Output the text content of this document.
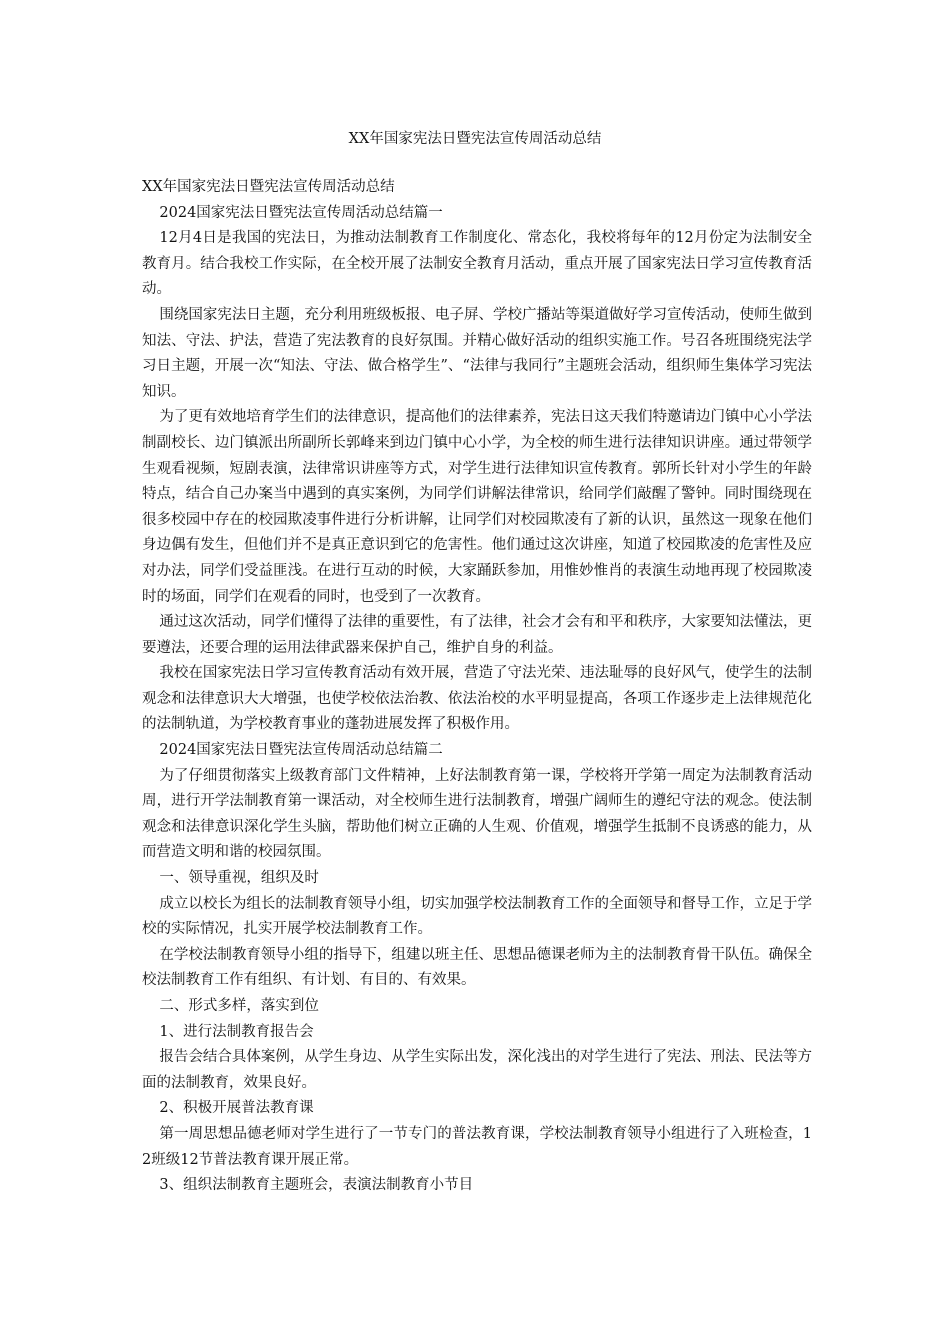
XX年国家宪法日暨宪法宣传周活动总结

XX年国家宪法日暨宪法宣传周活动总结

2024国家宪法日暨宪法宣传周活动总结篇一

12月4日是我国的宪法日，为推动法制教育工作制度化、常态化，我校将每年的12月份定为法制安全教育月。结合我校工作实际，在全校开展了法制安全教育月活动，重点开展了国家宪法日学习宣传教育活动。

围绕国家宪法日主题，充分利用班级板报、电子屏、学校广播站等渠道做好学习宣传活动，使师生做到知法、守法、护法，营造了宪法教育的良好氛围。并精心做好活动的组织实施工作。号召各班围绕宪法学习日主题，开展一次“知法、守法、做合格学生”、“法律与我同行”主题班会活动，组织师生集体学习宪法知识。

为了更有效地培育学生们的法律意识，提高他们的法律素养，宪法日这天我们特邀请边门镇中心小学法制副校长、边门镇派出所副所长郭峰来到边门镇中心小学，为全校的师生进行法律知识讲座。通过带领学生观看视频，短剧表演，法律常识讲座等方式，对学生进行法律知识宣传教育。郭所长针对小学生的年龄特点，结合自己办案当中遇到的真实案例，为同学们讲解法律常识，给同学们敲醒了警钟。同时围绕现在很多校园中存在的校园欺凌事件进行分析讲解，让同学们对校园欺凌有了新的认识，虽然这一现象在他们身边偶有发生，但他们并不是真正意识到它的危害性。他们通过这次讲座，知道了校园欺凌的危害性及应对办法，同学们受益匪浅。在进行互动的时候，大家踊跃参加，用惟妙惟肖的表演生动地再现了校园欺凌时的场面，同学们在观看的同时，也受到了一次教育。

通过这次活动，同学们懂得了法律的重要性，有了法律，社会才会有和平和秩序，大家要知法懂法，更要遵法，还要合理的运用法律武器来保护自己，维护自身的利益。

我校在国家宪法日学习宣传教育活动有效开展，营造了守法光荣、违法耻辱的良好风气，使学生的法制观念和法律意识大大增强，也使学校依法治教、依法治校的水平明显提高，各项工作逐步走上法律规范化的法制轨道，为学校教育事业的蓬勃进展发挥了积极作用。

2024国家宪法日暨宪法宣传周活动总结篇二

为了仔细贯彻落实上级教育部门文件精神，上好法制教育第一课，学校将开学第一周定为法制教育活动周，进行开学法制教育第一课活动，对全校师生进行法制教育，增强广阔师生的遵纪守法的观念。使法制观念和法律意识深化学生头脑，帮助他们树立正确的人生观、价值观，增强学生抵制不良诱惑的能力，从而营造文明和谐的校园氛围。

一、领导重视，组织及时

成立以校长为组长的法制教育领导小组，切实加强学校法制教育工作的全面领导和督导工作，立足于学校的实际情况，扎实开展学校法制教育工作。

在学校法制教育领导小组的指导下，组建以班主任、思想品德课老师为主的法制教育骨干队伍。确保全校法制教育工作有组织、有计划、有目的、有效果。

二、形式多样，落实到位

1、进行法制教育报告会

报告会结合具体案例，从学生身边、从学生实际出发，深化浅出的对学生进行了宪法、刑法、民法等方面的法制教育，效果良好。

2、积极开展普法教育课

第一周思想品德老师对学生进行了一节专门的普法教育课，学校法制教育领导小组进行了入班检查，12班级12节普法教育课开展正常。

3、组织法制教育主题班会，表演法制教育小节目
